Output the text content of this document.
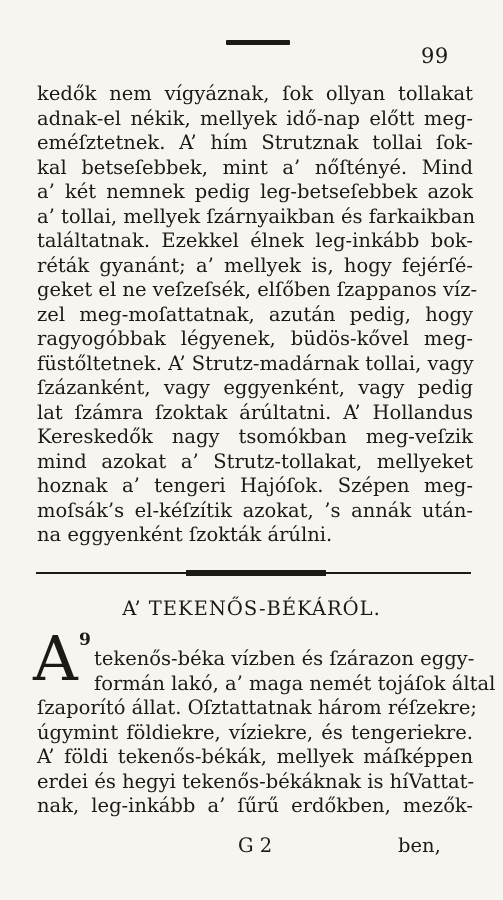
99
kedők nem vígyáznak, ſok ollyan tollakat
adnak-el nékik, mellyek idő-nap előtt meg-
eméſztetnek. A’ hím Strutznak tollai ſok-
kal betseſebbek, mint a’ nőſtényé. Mind
a’ két nemnek pedig leg-betseſebbek azok
a’ tollai, mellyek ſzárnyaikban és farkaikban
találtatnak. Ezekkel élnek leg-inkább bok-
réták gyanánt; a’ mellyek is, hogy fejérſé-
geket el ne veſzeſsék, elſőben ſzappanos víz-
zel meg-moſattatnak, azután pedig, hogy
ragyogóbbak légyenek, büdös-kővel meg-
füstőltetnek. A’ Strutz-madárnak tollai, vagy
ſzázanként, vagy eggyenként, vagy pedig
lat ſzámra ſzoktak árúltatni. A’ Hollandus
Kereskedők nagy tsomókban meg-veſzik
mind azokat a’ Strutz-tollakat, mellyeket
hoznak a’ tengeri Hajóſok. Szépen meg-
moſsák’s el-kéſzítik azokat, ’s annák után-
na eggyenként ſzokták árúlni.
A’ TEKENŐS-BÉKÁRÓL.
A 9
tekenős-béka vízben és ſzárazon eggy-
formán lakó, a’ maga nemét tojáſok által
ſzaporító állat. Oſztattatnak három réſzekre;
úgymint földiekre, víziekre, és tengeriekre.
A’ földi tekenős-békák, mellyek máſképpen
erdei és hegyi tekenős-békáknak is híVattat-
nak, leg-inkább a’ ſűrű erdőkben, mezők-
G 2	ben,
